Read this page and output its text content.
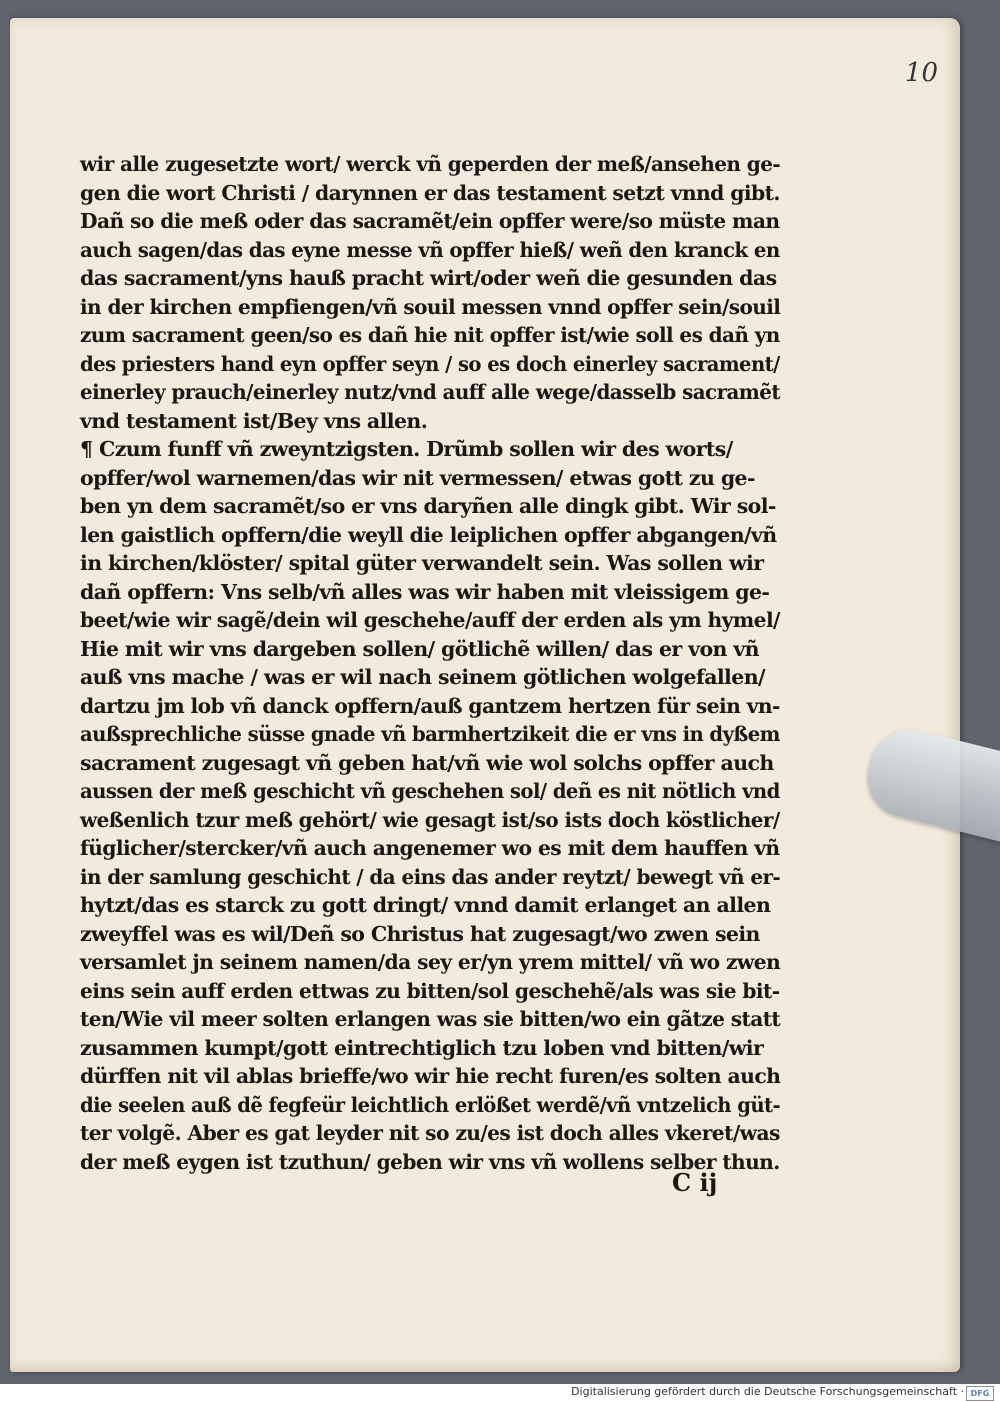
10

wir alle zugesetzte wort/ werck vñ geperden der meß/ansehen ge-
gen die wort Christi / darynnen er das testament setzt vnnd gibt.
Dañ so die meß oder das sacramẽt/ein opffer were/so müste man
auch sagen/das das eyne messe vñ opffer hieß/ weñ den kranck en
das sacrament/yns hauß pracht wirt/oder weñ die gesunden das
in der kirchen empfiengen/vñ souil messen vnnd opffer sein/souil
zum sacrament geen/so es dañ hie nit opffer ist/wie soll es dañ yn
des priesters hand eyn opffer seyn / so es doch einerley sacrament/
einerley prauch/einerley nutz/vnd auff alle wege/dasselb sacramẽt
vnd testament ist/Bey vns allen.
¶ Czum funff vñ zweyntzigsten. Drũmb sollen wir des worts/
opffer/wol warnemen/das wir nit vermessen/ etwas gott zu ge-
ben yn dem sacramẽt/so er vns daryñen alle dingk gibt. Wir sol-
len gaistlich opffern/die weyll die leiplichen opffer abgangen/vñ
in kirchen/klöster/ spital güter verwandelt sein. Was sollen wir
dañ opffern: Vns selb/vñ alles was wir haben mit vleissigem ge-
beet/wie wir sagẽ/dein wil geschehe/auff der erden als ym hymel/
Hie mit wir vns dargeben sollen/ götlichẽ willen/ das er von vñ
auß vns mache / was er wil nach seinem götlichen wolgefallen/
dartzu jm lob vñ danck opffern/auß gantzem hertzen für sein vn-
außsprechliche süsse gnade vñ barmhertzikeit die er vns in dyßem
sacrament zugesagt vñ geben hat/vñ wie wol solchs opffer auch
aussen der meß geschicht vñ geschehen sol/ deñ es nit nötlich vnd
weßenlich tzur meß gehört/ wie gesagt ist/so ists doch köstlicher/
füglicher/stercker/vñ auch angenemer wo es mit dem hauffen vñ
in der samlung geschicht / da eins das ander reytzt/ bewegt vñ er-
hytzt/das es starck zu gott dringt/ vnnd damit erlanget an allen
zweyffel was es wil/Deñ so Christus hat zugesagt/wo zwen sein
versamlet jn seinem namen/da sey er/yn yrem mittel/ vñ wo zwen
eins sein auff erden ettwas zu bitten/sol geschehẽ/als was sie bit-
ten/Wie vil meer solten erlangen was sie bitten/wo ein gãtze statt
zusammen kumpt/gott eintrechtiglich tzu loben vnd bitten/wir
dürffen nit vil ablas brieffe/wo wir hie recht furen/es solten auch
die seelen auß dẽ fegfeür leichtlich erlößet werdẽ/vñ vntzelich güt-
ter volgẽ. Aber es gat leyder nit so zu/es ist doch alles vkeret/was
der meß eygen ist tzuthun/ geben wir vns vñ wollens selber thun.

C ij

Digitalisierung gefördert durch die Deutsche Forschungsgemeinschaft · DFG
